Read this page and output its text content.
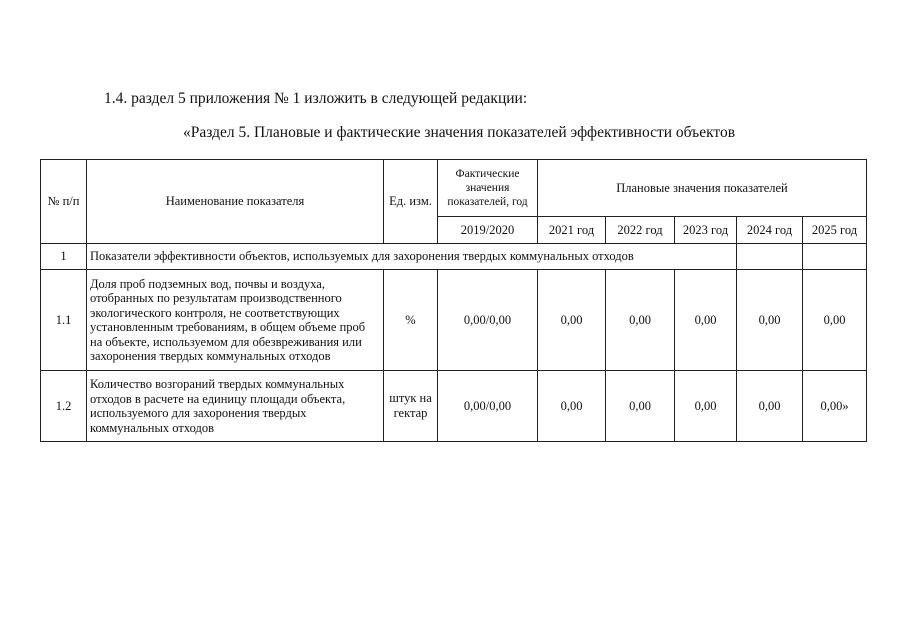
1.4. раздел 5 приложения № 1 изложить в следующей редакции:
«Раздел 5. Плановые и фактические значения показателей эффективности объектов
№ п/п	Наименование показателя	Ед. изм.	Фактические значения показателей, год	Плановые значения показателей				
			2019/2020	2021 год	2022 год	2023 год	2024 год	2025 год
1	Показатели эффективности объектов, используемых для захоронения твердых коммунальных отходов							
1.1	Доля проб подземных вод, почвы и воздуха, отобранных по результатам производственного экологического контроля, не соответствующих установленным требованиям, в общем объеме проб на объекте, используемом для обезвреживания или захоронения твердых коммунальных отходов	%	0,00/0,00	0,00	0,00	0,00	0,00	0,00
1.2	Количество возгораний твердых коммунальных отходов в расчете на единицу площади объекта, используемого для захоронения твердых коммунальных отходов	штук на гектар	0,00/0,00	0,00	0,00	0,00	0,00	0,00»
